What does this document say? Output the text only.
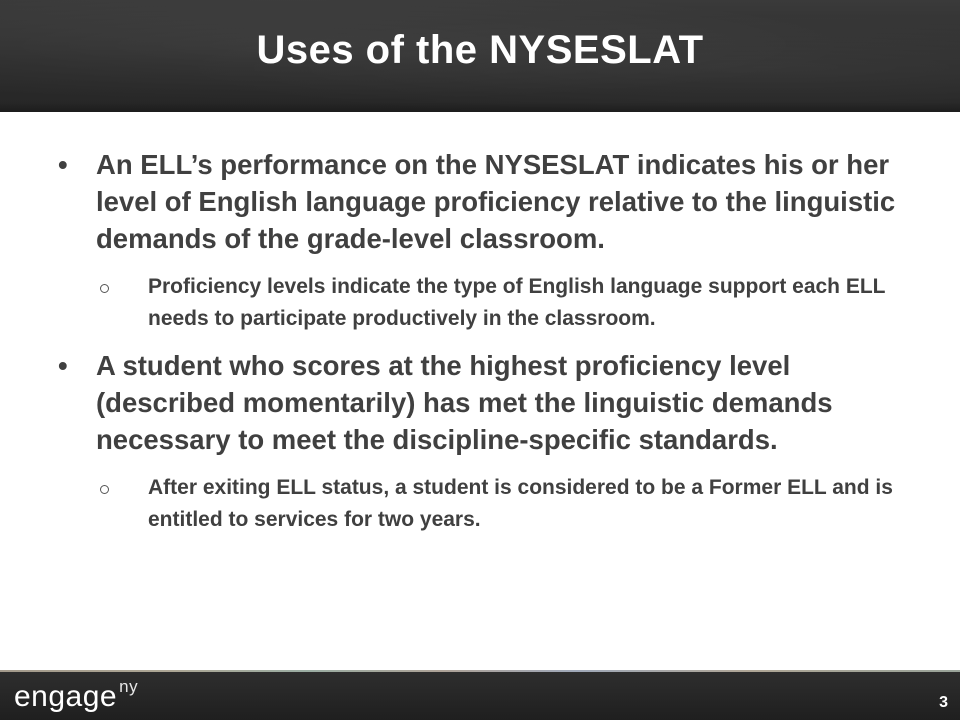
Uses of the NYSESLAT
• An ELL’s performance on the NYSESLAT indicates his or her level of English language proficiency relative to the linguistic demands of the grade-level classroom.
Proficiency levels indicate the type of English language support each ELL needs to participate productively in the classroom.
• A student who scores at the highest proficiency level (described momentarily) has met the linguistic demands necessary to meet the discipline-specific standards.
After exiting ELL status, a student is considered to be a Former ELL and is entitled to services for two years.
engage $^{ny}$
3
